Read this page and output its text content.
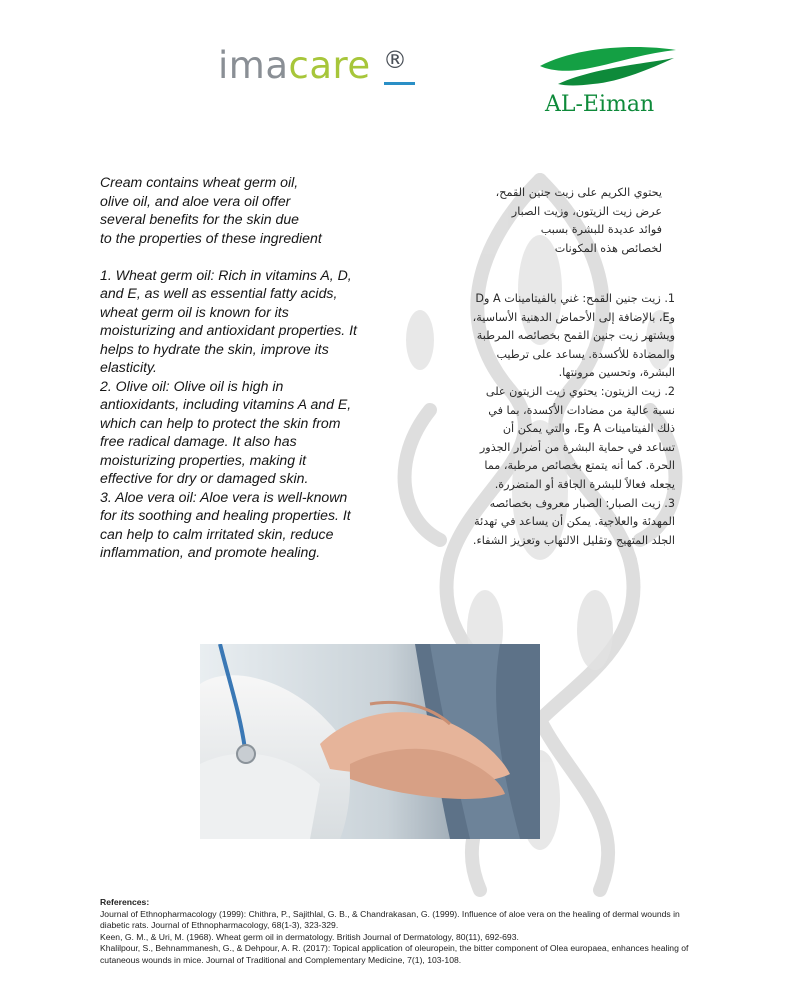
imacare ®
AL-Eiman

Cream contains wheat germ oil,
olive oil, and aloe vera oil offer
several benefits for the skin due
to the properties of these ingredient

1. Wheat germ oil: Rich in vitamins A, D, and E, as well as essential fatty acids, wheat germ oil is known for its moisturizing and antioxidant properties. It helps to hydrate the skin, improve its elasticity.

2. Olive oil: Olive oil is high in antioxidants, including vitamins A and E, which can help to protect the skin from free radical damage. It also has moisturizing properties, making it effective for dry or damaged skin.

3. Aloe vera oil: Aloe vera is well-known for its soothing and healing properties. It can help to calm irritated skin, reduce inflammation, and promote healing.

يحتوي الكريم على زيت جنين القمح،
عرض زيت الزيتون، وزيت الصبار
فوائد عديدة للبشرة بسبب
لخصائص هذه المكونات

1. زيت جنين القمح: غني بالفيتامينات A وD وE، بالإضافة إلى الأحماض الدهنية الأساسية، ويشتهر زيت جنين القمح بخصائصه المرطبة والمضادة للأكسدة. يساعد على ترطيب البشرة، وتحسين مرونتها.

2. زيت الزيتون: يحتوي زيت الزيتون على نسبة عالية من مضادات الأكسدة، بما في ذلك الفيتامينات A وE، والتي يمكن أن تساعد في حماية البشرة من أضرار الجذور الحرة. كما أنه يتمتع بخصائص مرطبة، مما يجعله فعالاً للبشرة الجافة أو المتضررة.

3. زيت الصبار: الصبار معروف بخصائصه المهدئة والعلاجية. يمكن أن يساعد في تهدئة الجلد المتهيج وتقليل الالتهاب وتعزيز الشفاء.

References:

Journal of Ethnopharmacology (1999): Chithra, P., Sajithlal, G. B., & Chandrakasan, G. (1999). Influence of aloe vera on the healing of dermal wounds in diabetic rats. Journal of Ethnopharmacology, 68(1-3), 323-329.

Keen, G. M., & Uri, M. (1968). Wheat germ oil in dermatology. British Journal of Dermatology, 80(11), 692-693.

Khalilpour, S., Behnammanesh, G., & Dehpour, A. R. (2017): Topical application of oleuropein, the bitter component of Olea europaea, enhances healing of cutaneous wounds in mice. Journal of Traditional and Complementary Medicine, 7(1), 103-108.
